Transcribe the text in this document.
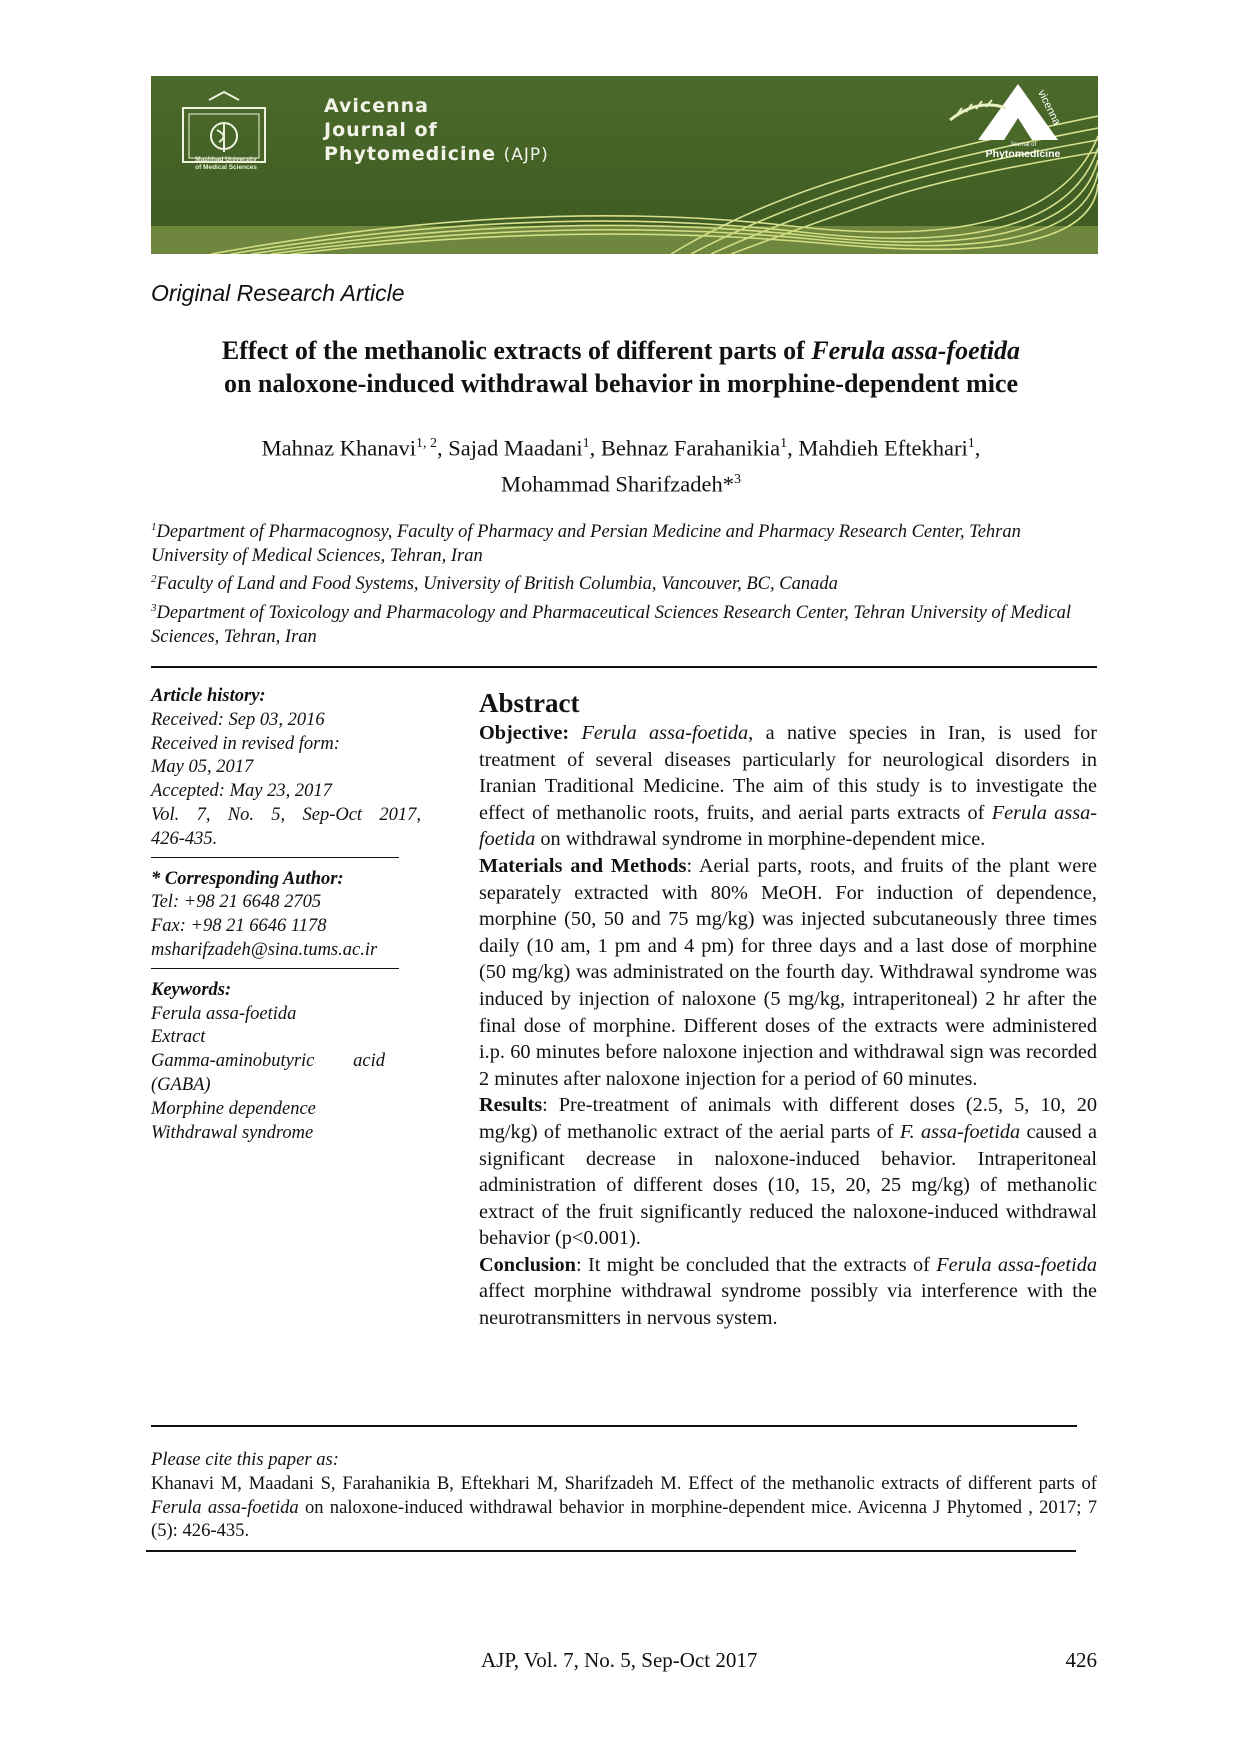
Mashhad University
of Medical Sciences
Avicenna
Journal of
Phytomedicine (AJP)
vicenna
Journal of
Phytomedicine
Original Research Article
Effect of the methanolic extracts of different parts of Ferula assa-foetida
on naloxone-induced withdrawal behavior in morphine-dependent mice
Mahnaz Khanavi$^{1, 2}$, Sajad Maadani$^1$, Behnaz Farahanikia$^1$, Mahdieh Eftekhari$^1$,
Mohammad Sharifzadeh*$^3$
$^1$Department of Pharmacognosy, Faculty of Pharmacy and Persian Medicine and Pharmacy Research Center, Tehran University of Medical Sciences, Tehran, Iran
$^2$Faculty of Land and Food Systems, University of British Columbia, Vancouver, BC, Canada
$^3$Department of Toxicology and Pharmacology and Pharmaceutical Sciences Research Center, Tehran University of Medical Sciences, Tehran, Iran
Article history:
Received: Sep 03, 2016
Received in revised form:
May 05, 2017
Accepted: May 23, 2017
Vol. 7, No. 5, Sep-Oct 2017,
426-435.
* Corresponding Author:
Tel: +98 21 6648 2705
Fax: +98 21 6646 1178
msharifzadeh@sina.tums.ac.ir
Keywords:
Ferula assa-foetida
Extract
Gamma-aminobutyric acid
(GABA)
Morphine dependence
Withdrawal syndrome
Abstract

Objective: Ferula assa-foetida, a native species in Iran, is used for treatment of several diseases particularly for neurological disorders in Iranian Traditional Medicine. The aim of this study is to investigate the effect of methanolic roots, fruits, and aerial parts extracts of Ferula assa-foetida on withdrawal syndrome in morphine-dependent mice.

Materials and Methods: Aerial parts, roots, and fruits of the plant were separately extracted with 80% MeOH. For induction of dependence, morphine (50, 50 and 75 mg/kg) was injected subcutaneously three times daily (10 am, 1 pm and 4 pm) for three days and a last dose of morphine (50 mg/kg) was administrated on the fourth day. Withdrawal syndrome was induced by injection of naloxone (5 mg/kg, intraperitoneal) 2 hr after the final dose of morphine. Different doses of the extracts were administered i.p. 60 minutes before naloxone injection and withdrawal sign was recorded 2 minutes after naloxone injection for a period of 60 minutes.

Results: Pre-treatment of animals with different doses (2.5, 5, 10, 20 mg/kg) of methanolic extract of the aerial parts of F. assa-foetida caused a significant decrease in naloxone-induced behavior. Intraperitoneal administration of different doses (10, 15, 20, 25 mg/kg) of methanolic extract of the fruit significantly reduced the naloxone-induced withdrawal behavior (p<0.001).

Conclusion: It might be concluded that the extracts of Ferula assa-foetida affect morphine withdrawal syndrome possibly via interference with the neurotransmitters in nervous system.

Please cite this paper as:

Khanavi M, Maadani S, Farahanikia B, Eftekhari M, Sharifzadeh M. Effect of the methanolic extracts of different parts of Ferula assa-foetida on naloxone-induced withdrawal behavior in morphine-dependent mice. Avicenna J Phytomed , 2017; 7 (5): 426-435.

AJP, Vol. 7, No. 5, Sep-Oct 2017	426
